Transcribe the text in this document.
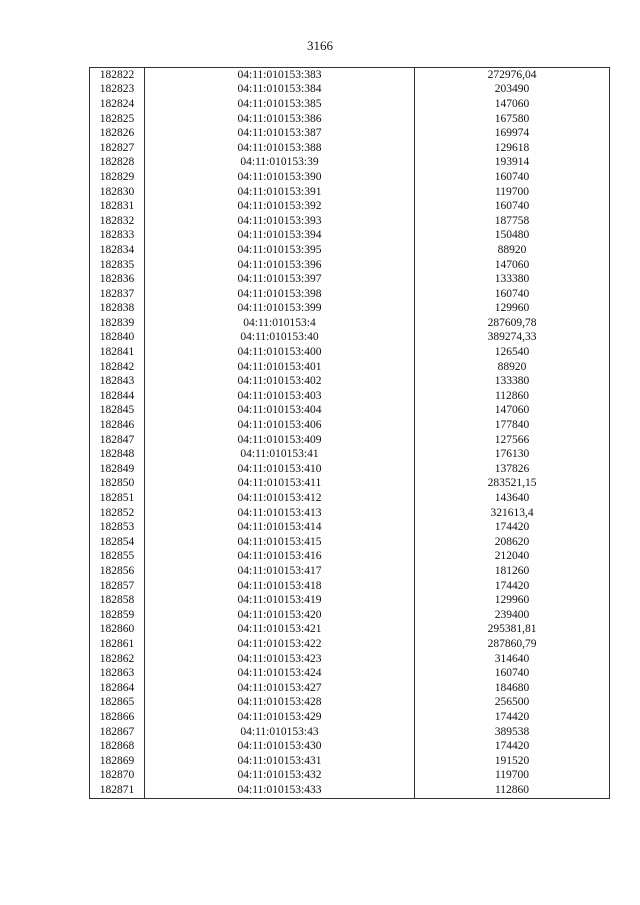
3166
182822	04:11:010153:383	272976,04
182823	04:11:010153:384	203490
182824	04:11:010153:385	147060
182825	04:11:010153:386	167580
182826	04:11:010153:387	169974
182827	04:11:010153:388	129618
182828	04:11:010153:39	193914
182829	04:11:010153:390	160740
182830	04:11:010153:391	119700
182831	04:11:010153:392	160740
182832	04:11:010153:393	187758
182833	04:11:010153:394	150480
182834	04:11:010153:395	88920
182835	04:11:010153:396	147060
182836	04:11:010153:397	133380
182837	04:11:010153:398	160740
182838	04:11:010153:399	129960
182839	04:11:010153:4	287609,78
182840	04:11:010153:40	389274,33
182841	04:11:010153:400	126540
182842	04:11:010153:401	88920
182843	04:11:010153:402	133380
182844	04:11:010153:403	112860
182845	04:11:010153:404	147060
182846	04:11:010153:406	177840
182847	04:11:010153:409	127566
182848	04:11:010153:41	176130
182849	04:11:010153:410	137826
182850	04:11:010153:411	283521,15
182851	04:11:010153:412	143640
182852	04:11:010153:413	321613,4
182853	04:11:010153:414	174420
182854	04:11:010153:415	208620
182855	04:11:010153:416	212040
182856	04:11:010153:417	181260
182857	04:11:010153:418	174420
182858	04:11:010153:419	129960
182859	04:11:010153:420	239400
182860	04:11:010153:421	295381,81
182861	04:11:010153:422	287860,79
182862	04:11:010153:423	314640
182863	04:11:010153:424	160740
182864	04:11:010153:427	184680
182865	04:11:010153:428	256500
182866	04:11:010153:429	174420
182867	04:11:010153:43	389538
182868	04:11:010153:430	174420
182869	04:11:010153:431	191520
182870	04:11:010153:432	119700
182871	04:11:010153:433	112860
